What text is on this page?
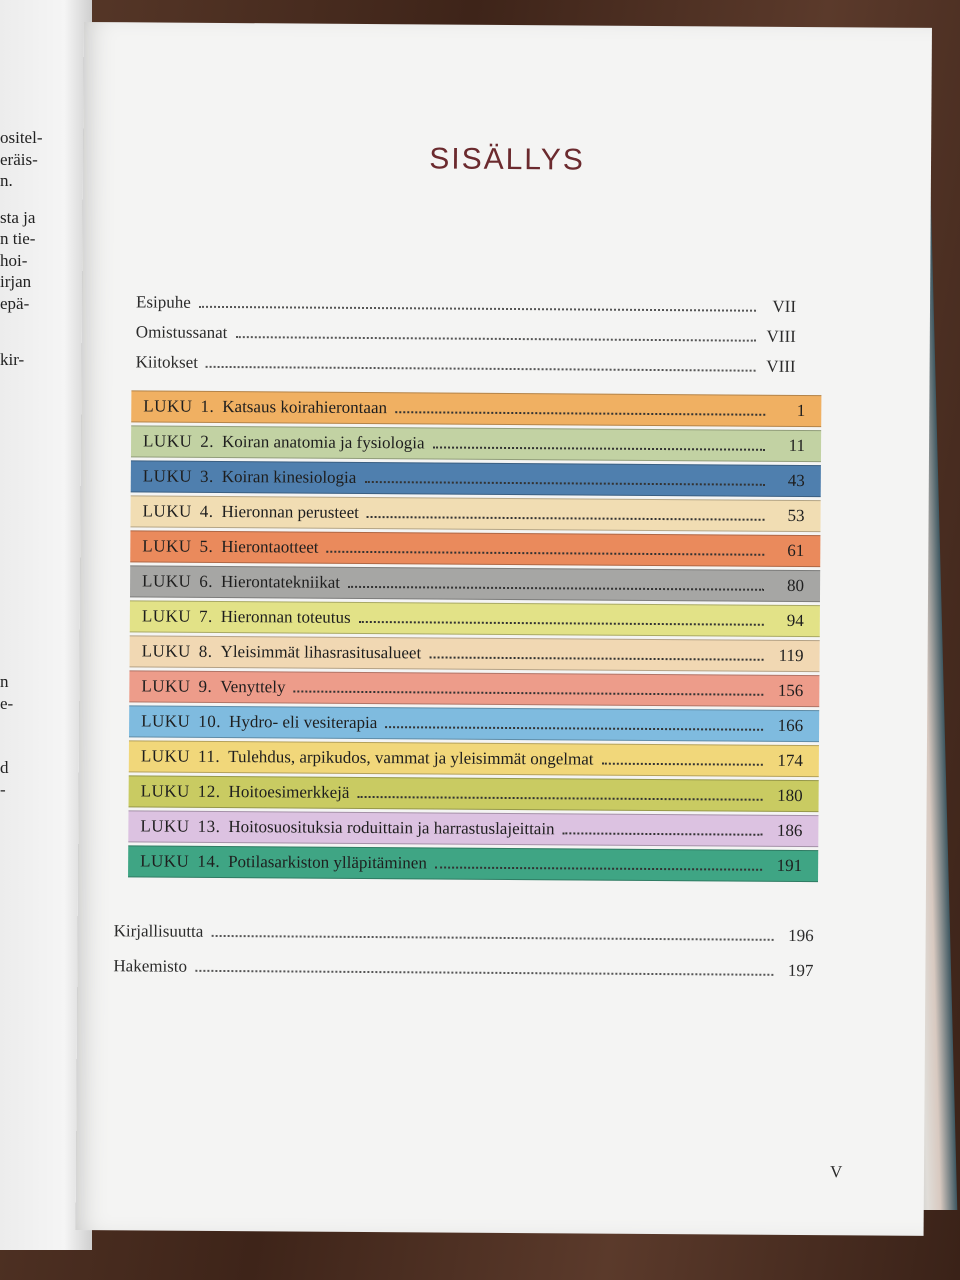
ositel-
eräis-
n.
sta ja
n tie-
hoi-
irjan
epä-
kir-
n
e-
d
-
SISÄLLYS
Esipuhe	VII
Omistussanat	VIII
Kiitokset	VIII
LUKU 1. Katsaus koirahierontaan	1
LUKU 2. Koiran anatomia ja fysiologia	11
LUKU 3. Koiran kinesiologia	43
LUKU 4. Hieronnan perusteet	53
LUKU 5. Hierontaotteet	61
LUKU 6. Hierontatekniikat	80
LUKU 7. Hieronnan toteutus	94
LUKU 8. Yleisimmät lihasrasitusalueet	119
LUKU 9. Venyttely	156
LUKU 10. Hydro- eli vesiterapia	166
LUKU 11. Tulehdus, arpikudos, vammat ja yleisimmät ongelmat	174
LUKU 12. Hoitoesimerkkejä	180
LUKU 13. Hoitosuosituksia roduittain ja harrastuslajeittain	186
LUKU 14. Potilasarkiston ylläpitäminen	191
Kirjallisuutta	196
Hakemisto	197
V
